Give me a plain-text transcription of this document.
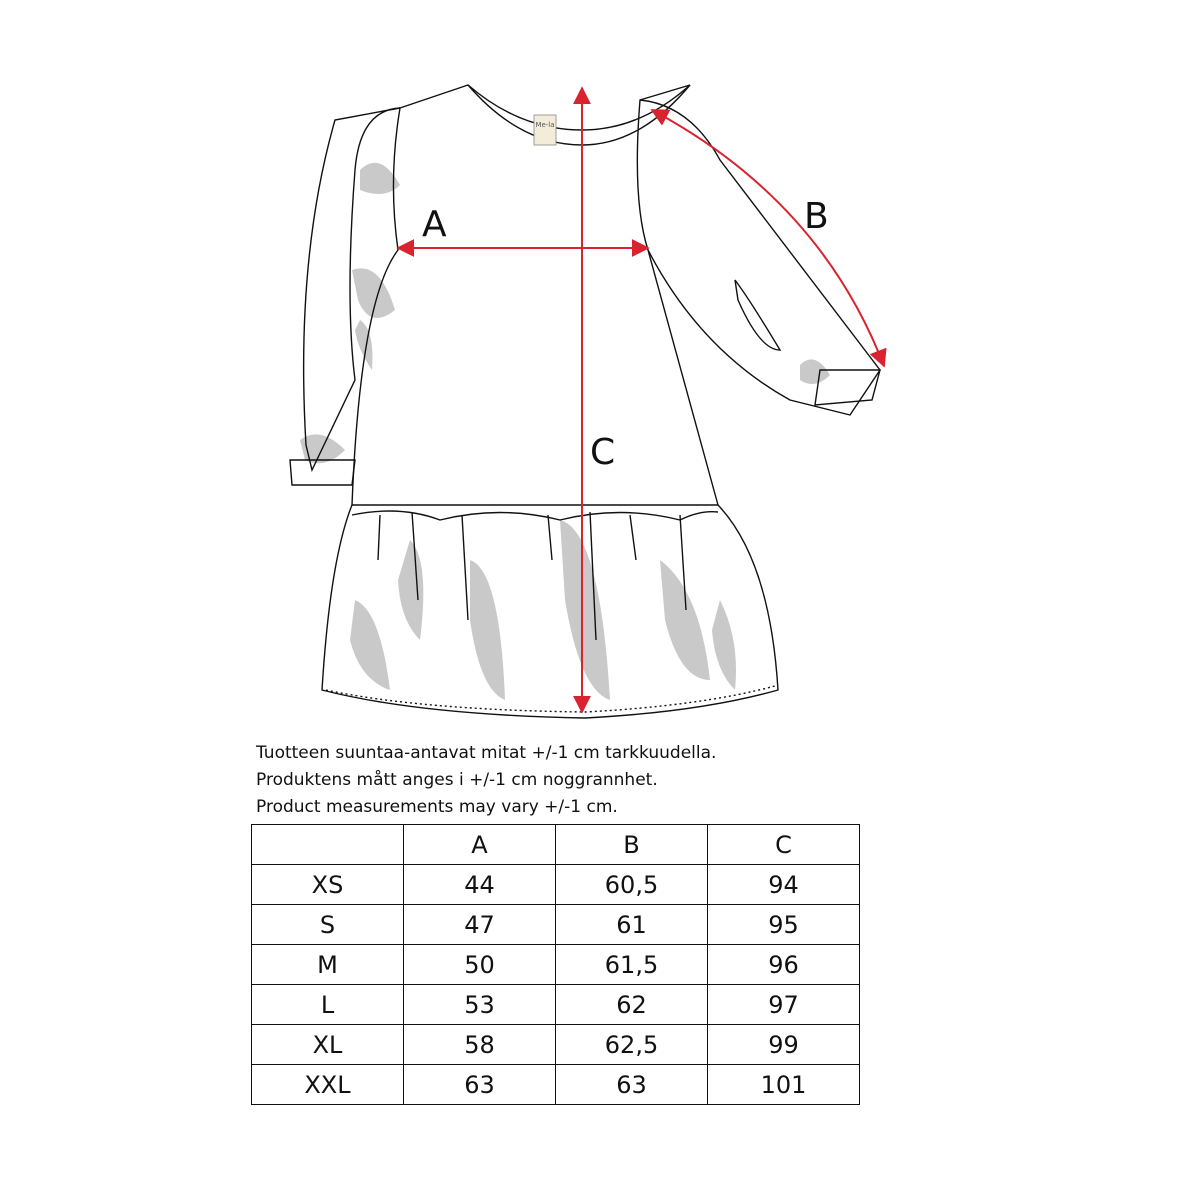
Me-la
A	B
C
Tuotteen suuntaa-antavat mitat +/-1 cm tarkkuudella.
Produktens mått anges i +/-1 cm noggrannhet.
Product measurements may vary +/-1 cm.
	A	B	C
XS	44	60,5	94
S	47	61	95
M	50	61,5	96
L	53	62	97
XL	58	62,5	99
XXL	63	63	101
